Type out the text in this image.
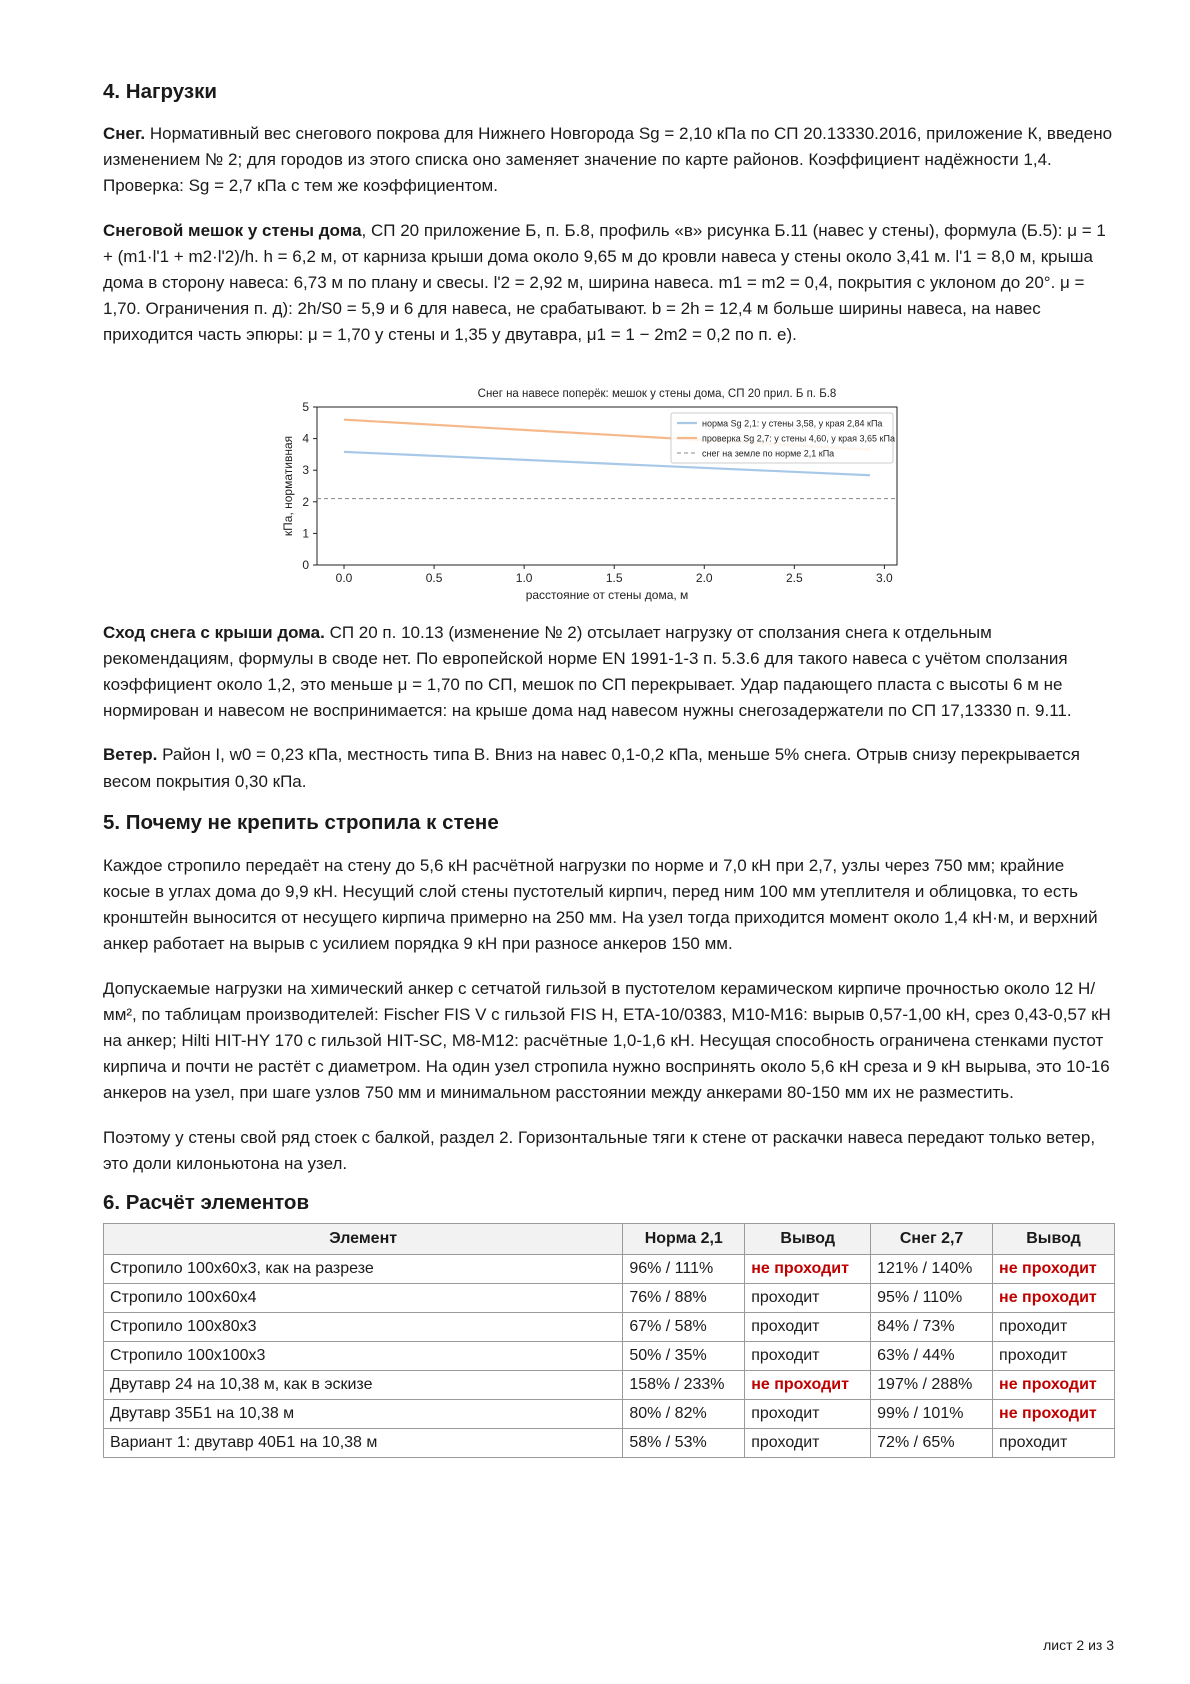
4. Нагрузки

Снег. Нормативный вес снегового покрова для Нижнего Новгорода Sg = 2,10 кПа по СП 20.13330.2016, приложение К, введено изменением № 2; для городов из этого списка оно заменяет значение по карте районов. Коэффициент надёжности 1,4. Проверка: Sg = 2,7 кПа с тем же коэффициентом.

Снеговой мешок у стены дома, СП 20 приложение Б, п. Б.8, профиль «в» рисунка Б.11 (навес у стены), формула (Б.5): μ = 1 + (m1·l'1 + m2·l'2)/h. h = 6,2 м, от карниза крыши дома около 9,65 м до кровли навеса у стены около 3,41 м. l'1 = 8,0 м, крыша дома в сторону навеса: 6,73 м по плану и свесы. l'2 = 2,92 м, ширина навеса. m1 = m2 = 0,4, покрытия с уклоном до 20°. μ = 1,70. Ограничения п. д): 2h/S0 = 5,9 и 6 для навеса, не срабатывают. b = 2h = 12,4 м больше ширины навеса, на навес приходится часть эпюры: μ = 1,70 у стены и 1,35 у двутавра, μ1 = 1 − 2m2 = 0,2 по п. е).

Снег на навесе поперёк: мешок у стены дома, СП 20 прил. Б п. Б.8
0.0	0.5	1.0	1.5	2.0	2.5	3.0
0
1
2
3
4
5
норма Sg 2,1: у стены 3,58, у края 2,84 кПа
проверка Sg 2,7: у стены 4,60, у края 3,65 кПа
снег на земле по норме 2,1 кПа
расстояние от стены дома, м
кПа, нормативная

Сход снега с крыши дома. СП 20 п. 10.13 (изменение № 2) отсылает нагрузку от сползания снега к отдельным рекомендациям, формулы в своде нет. По европейской норме EN 1991-1-3 п. 5.3.6 для такого навеса с учётом сползания коэффициент около 1,2, это меньше μ = 1,70 по СП, мешок по СП перекрывает. Удар падающего пласта с высоты 6 м не нормирован и навесом не воспринимается: на крыше дома над навесом нужны снегозадержатели по СП 17,13330 п. 9.11.

Ветер. Район I, w0 = 0,23 кПа, местность типа В. Вниз на навес 0,1-0,2 кПа, меньше 5% снега. Отрыв снизу перекрывается весом покрытия 0,30 кПа.

5. Почему не крепить стропила к стене

Каждое стропило передаёт на стену до 5,6 кН расчётной нагрузки по норме и 7,0 кН при 2,7, узлы через 750 мм; крайние косые в углах дома до 9,9 кН. Несущий слой стены пустотелый кирпич, перед ним 100 мм утеплителя и облицовка, то есть кронштейн выносится от несущего кирпича примерно на 250 мм. На узел тогда приходится момент около 1,4 кН·м, и верхний анкер работает на вырыв с усилием порядка 9 кН при разносе анкеров 150 мм.

Допускаемые нагрузки на химический анкер с сетчатой гильзой в пустотелом керамическом кирпиче прочностью около 12 Н/мм², по таблицам производителей: Fischer FIS V с гильзой FIS H, ETA-10/0383, M10-M16: вырыв 0,57-1,00 кН, срез 0,43-0,57 кН на анкер; Hilti HIT-HY 170 с гильзой HIT-SC, M8-M12: расчётные 1,0-1,6 кН. Несущая способность ограничена стенками пустот кирпича и почти не растёт с диаметром. На один узел стропила нужно воспринять около 5,6 кН среза и 9 кН вырыва, это 10-16 анкеров на узел, при шаге узлов 750 мм и минимальном расстоянии между анкерами 80-150 мм их не разместить.

Поэтому у стены свой ряд стоек с балкой, раздел 2. Горизонтальные тяги к стене от раскачки навеса передают только ветер, это доли килоньютона на узел.

6. Расчёт элементов
Элемент	Норма 2,1	Вывод	Снег 2,7	Вывод
Стропило 100х60х3, как на разрезе	96% / 111%	не проходит	121% / 140%	не проходит
Стропило 100х60х4	76% / 88%	проходит	95% / 110%	не проходит
Стропило 100х80х3	67% / 58%	проходит	84% / 73%	проходит
Стропило 100х100х3	50% / 35%	проходит	63% / 44%	проходит
Двутавр 24 на 10,38 м, как в эскизе	158% / 233%	не проходит	197% / 288%	не проходит
Двутавр 35Б1 на 10,38 м	80% / 82%	проходит	99% / 101%	не проходит
Вариант 1: двутавр 40Б1 на 10,38 м	58% / 53%	проходит	72% / 65%	проходит
лист 2 из 3
